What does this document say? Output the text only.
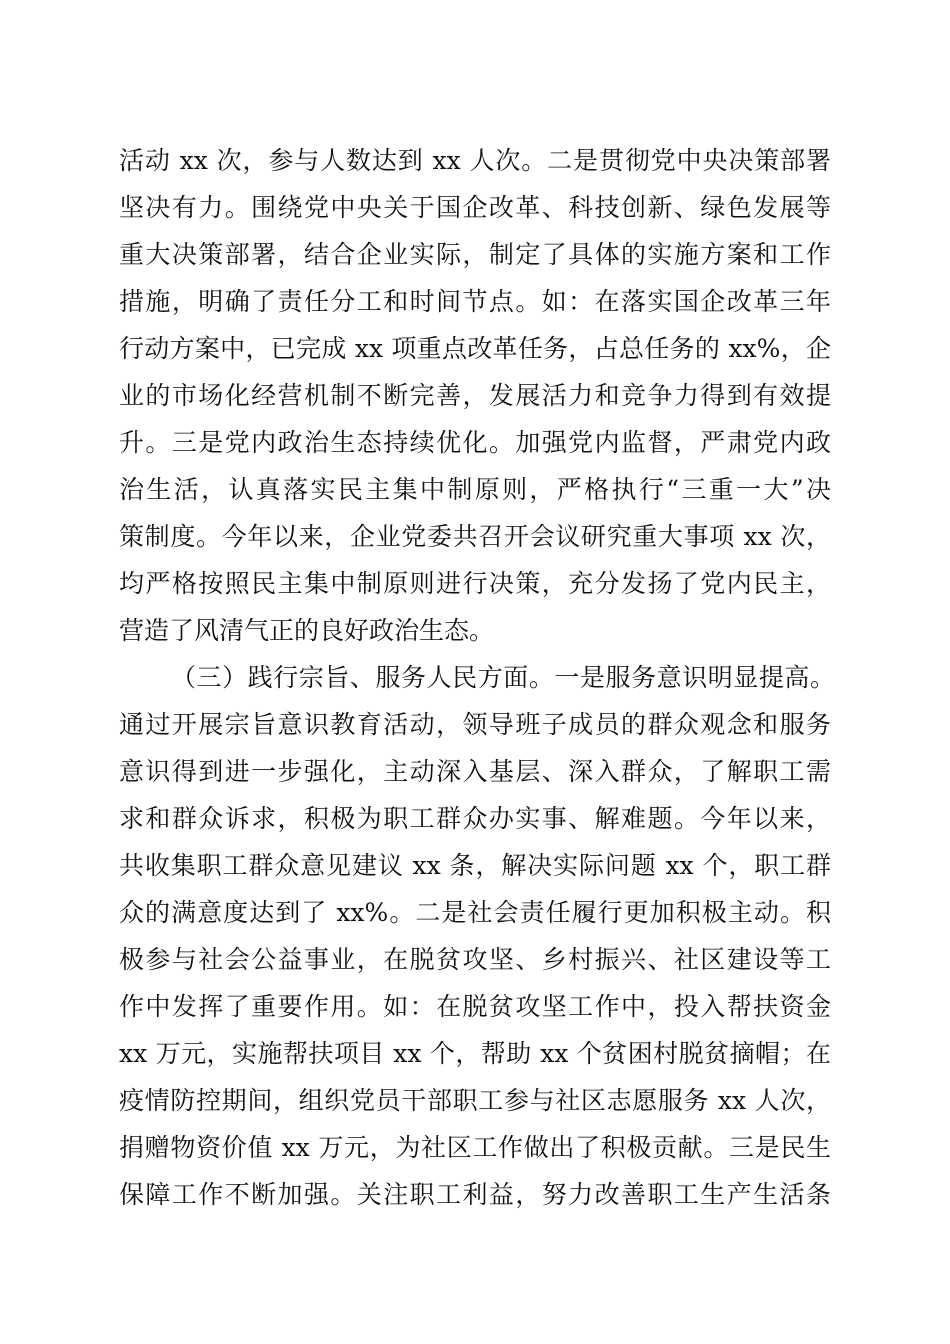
活动 xx 次，参与人数达到 xx 人次。二是贯彻党中央决策部署
坚决有力。围绕党中央关于国企改革、科技创新、绿色发展等
重大决策部署，结合企业实际，制定了具体的实施方案和工作
措施，明确了责任分工和时间节点。如：在落实国企改革三年
行动方案中，已完成 xx 项重点改革任务，占总任务的 xx%，企
业的市场化经营机制不断完善，发展活力和竞争力得到有效提
升。三是党内政治生态持续优化。加强党内监督，严肃党内政
治生活，认真落实民主集中制原则，严格执行“三重一大”决
策制度。今年以来，企业党委共召开会议研究重大事项 xx 次，
均严格按照民主集中制原则进行决策，充分发扬了党内民主，
营造了风清气正的良好政治生态。
（三）践行宗旨、服务人民方面。一是服务意识明显提高。
通过开展宗旨意识教育活动，领导班子成员的群众观念和服务
意识得到进一步强化，主动深入基层、深入群众，了解职工需
求和群众诉求，积极为职工群众办实事、解难题。今年以来，
共收集职工群众意见建议 xx 条，解决实际问题 xx 个，职工群
众的满意度达到了 xx%。二是社会责任履行更加积极主动。积
极参与社会公益事业，在脱贫攻坚、乡村振兴、社区建设等工
作中发挥了重要作用。如：在脱贫攻坚工作中，投入帮扶资金
xx 万元，实施帮扶项目 xx 个，帮助 xx 个贫困村脱贫摘帽；在
疫情防控期间，组织党员干部职工参与社区志愿服务 xx 人次，
捐赠物资价值 xx 万元，为社区工作做出了积极贡献。三是民生
保障工作不断加强。关注职工利益，努力改善职工生产生活条
